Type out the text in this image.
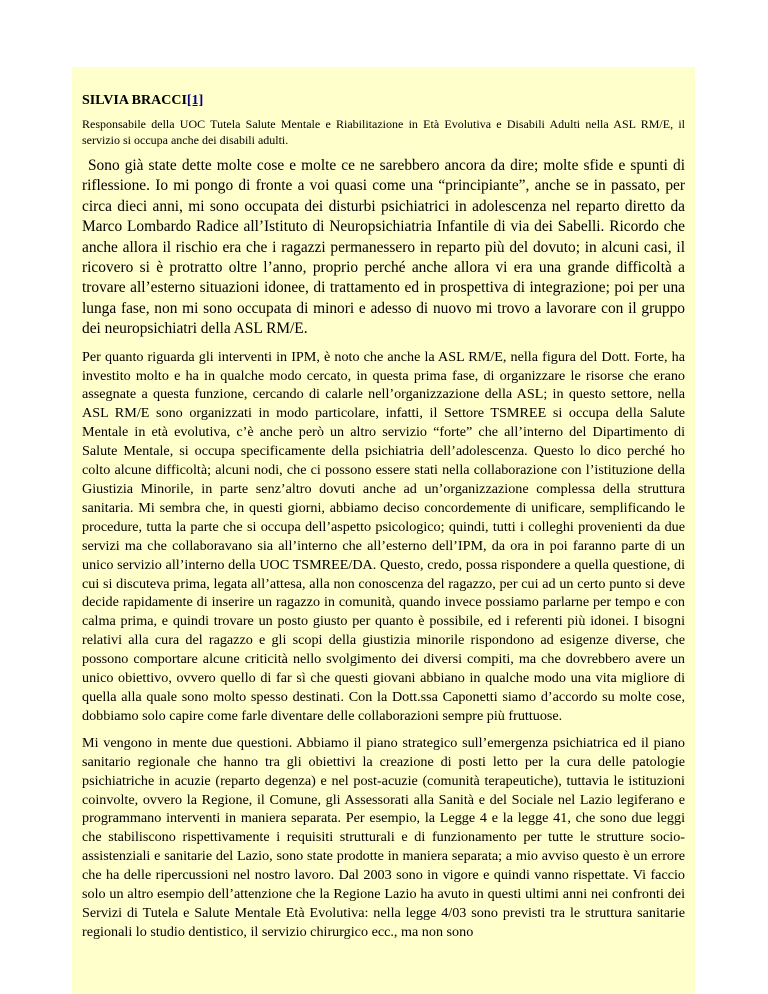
SILVIA BRACCI[1]
Responsabile della UOC Tutela Salute Mentale e Riabilitazione in Età Evolutiva e Disabili Adulti nella ASL RM/E, il servizio si occupa anche dei disabili adulti.

Sono già state dette molte cose e molte ce ne sarebbero ancora da dire; molte sfide e spunti di riflessione. Io mi pongo di fronte a voi quasi come una “principiante”, anche se in passato, per circa dieci anni, mi sono occupata dei disturbi psichiatrici in adolescenza nel reparto diretto da Marco Lombardo Radice all’Istituto di Neuropsichiatria Infantile di via dei Sabelli. Ricordo che anche allora il rischio era che i ragazzi permanessero in reparto più del dovuto; in alcuni casi, il ricovero si è protratto oltre l’anno, proprio perché anche allora vi era una grande difficoltà a trovare all’esterno situazioni idonee, di trattamento ed in prospettiva di integrazione; poi per una lunga fase, non mi sono occupata di minori e adesso di nuovo mi trovo a lavorare con il gruppo dei neuropsichiatri della ASL RM/E.

Per quanto riguarda gli interventi in IPM, è noto che anche la ASL RM/E, nella figura del Dott. Forte, ha investito molto e ha in qualche modo cercato, in questa prima fase, di organizzare le risorse che erano assegnate a questa funzione, cercando di calarle nell’organizzazione della ASL; in questo settore, nella ASL RM/E sono organizzati in modo particolare, infatti, il Settore TSMREE si occupa della Salute Mentale in età evolutiva, c’è anche però un altro servizio “forte” che all’interno del Dipartimento di Salute Mentale, si occupa specificamente della psichiatria dell’adolescenza. Questo lo dico perché ho colto alcune difficoltà; alcuni nodi, che ci possono essere stati nella collaborazione con l’istituzione della Giustizia Minorile, in parte senz’altro dovuti anche ad un’organizzazione complessa della struttura sanitaria. Mi sembra che, in questi giorni, abbiamo deciso concordemente di unificare, semplificando le procedure, tutta la parte che si occupa dell’aspetto psicologico; quindi, tutti i colleghi provenienti da due servizi ma che collaboravano sia all’interno che all’esterno dell’IPM, da ora in poi faranno parte di un unico servizio all’interno della UOC TSMREE/DA. Questo, credo, possa rispondere a quella questione, di cui si discuteva prima, legata all’attesa, alla non conoscenza del ragazzo, per cui ad un certo punto si deve decide rapidamente di inserire un ragazzo in comunità, quando invece possiamo parlarne per tempo e con calma prima, e quindi trovare un posto giusto per quanto è possibile, ed i referenti più idonei. I bisogni relativi alla cura del ragazzo e gli scopi della giustizia minorile rispondono ad esigenze diverse, che possono comportare alcune criticità nello svolgimento dei diversi compiti, ma che dovrebbero avere un unico obiettivo, ovvero quello di far sì che questi giovani abbiano in qualche modo una vita migliore di quella alla quale sono molto spesso destinati. Con la Dott.ssa Caponetti siamo d’accordo su molte cose, dobbiamo solo capire come farle diventare delle collaborazioni sempre più fruttuose.

Mi vengono in mente due questioni. Abbiamo il piano strategico sull’emergenza psichiatrica ed il piano sanitario regionale che hanno tra gli obiettivi la creazione di posti letto per la cura delle patologie psichiatriche in acuzie (reparto degenza) e nel post-acuzie (comunità terapeutiche), tuttavia le istituzioni coinvolte, ovvero la Regione, il Comune, gli Assessorati alla Sanità e del Sociale nel Lazio legiferano e programmano interventi in maniera separata. Per esempio, la Legge 4 e la legge 41, che sono due leggi che stabiliscono rispettivamente i requisiti strutturali e di funzionamento per tutte le strutture socio-assistenziali e sanitarie del Lazio, sono state prodotte in maniera separata; a mio avviso questo è un errore che ha delle ripercussioni nel nostro lavoro. Dal 2003 sono in vigore e quindi vanno rispettate. Vi faccio solo un altro esempio dell’attenzione che la Regione Lazio ha avuto in questi ultimi anni nei confronti dei Servizi di Tutela e Salute Mentale Età Evolutiva: nella legge 4/03 sono previsti tra le struttura sanitarie regionali lo studio dentistico, il servizio chirurgico ecc., ma non sono
